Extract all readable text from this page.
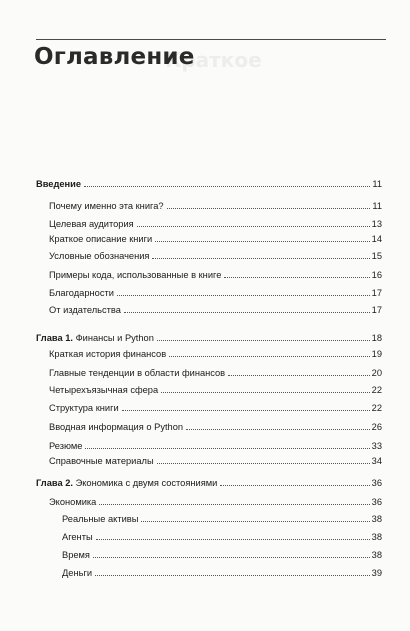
Краткое
Оглавление
Введение	11
Почему именно эта книга?	11
Целевая аудитория	13
Краткое описание книги	14
Условные обозначения	15
Примеры кода, использованные в книге	16
Благодарности	17
От издательства	17
Глава 1. Финансы и Python	18
Краткая история финансов	19
Главные тенденции в области финансов	20
Четырехъязычная сфера	22
Структура книги	22
Вводная информация о Python	26
Резюме	33
Справочные материалы	34
Глава 2. Экономика с двумя состояниями	36
Экономика	36
Реальные активы	38
Агенты	38
Время	38
Деньги	39
